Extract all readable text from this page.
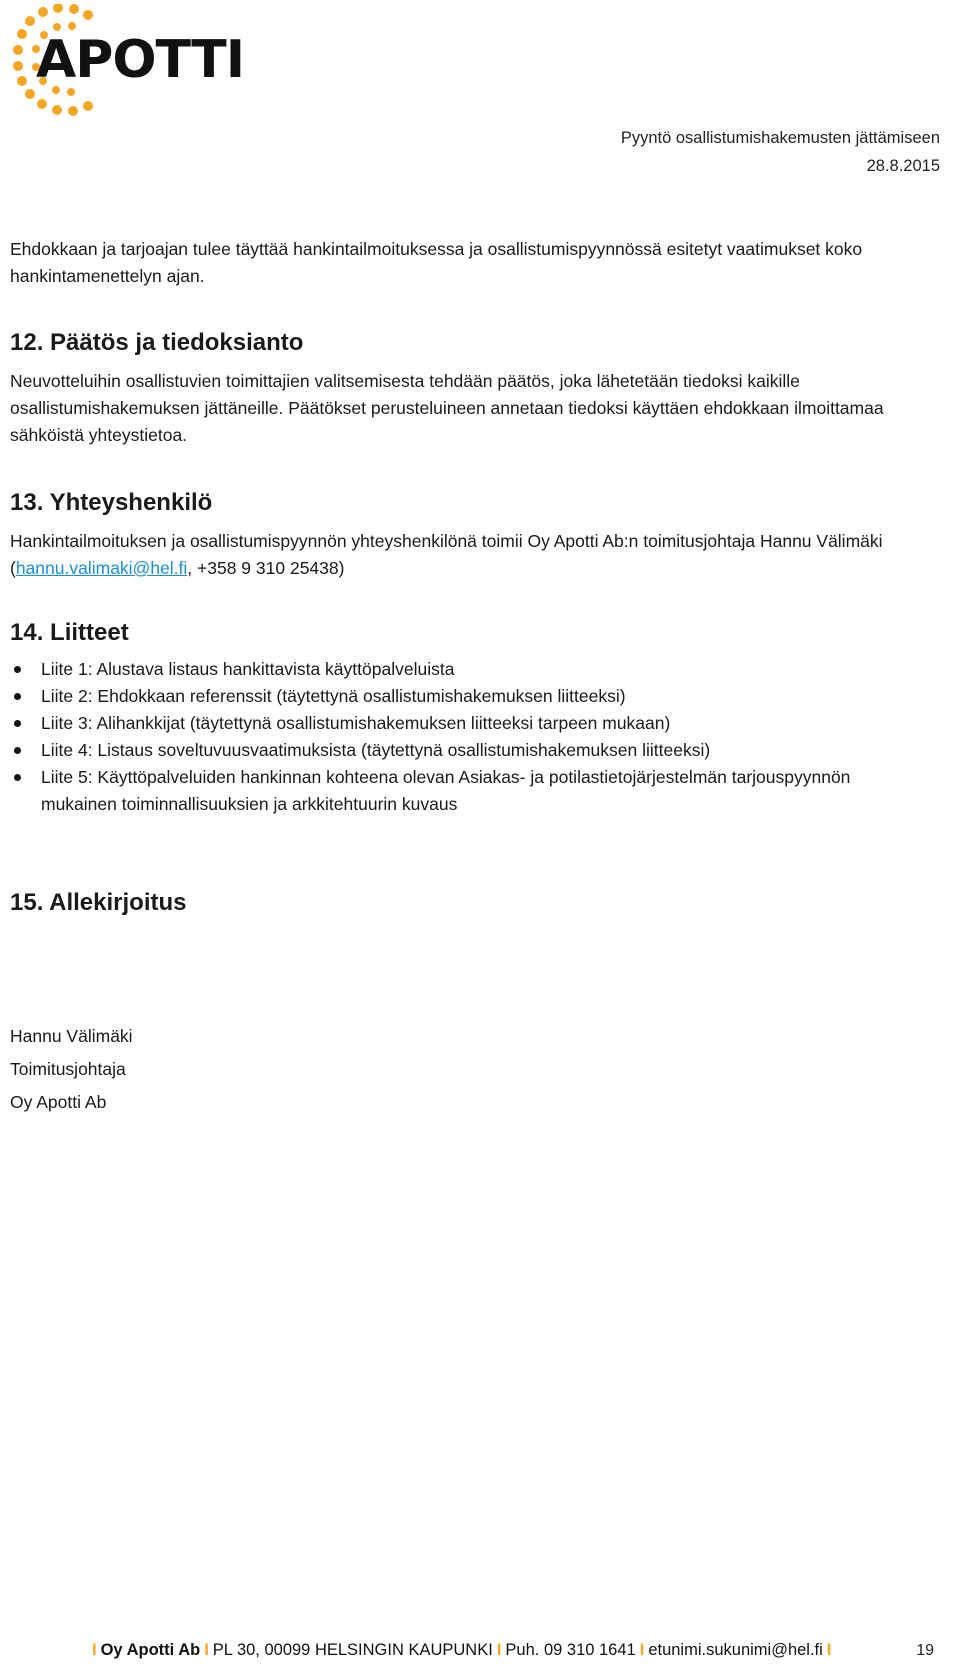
APOTTI
Pyyntö osallistumishakemusten jättämiseen
28.8.2015

Ehdokkaan ja tarjoajan tulee täyttää hankintailmoituksessa ja osallistumispyynnössä esitetyt vaatimukset koko hankintamenettelyn ajan.

12. Päätös ja tiedoksianto

Neuvotteluihin osallistuvien toimittajien valitsemisesta tehdään päätös, joka lähetetään tiedoksi kaikille osallistumishakemuksen jättäneille. Päätökset perusteluineen annetaan tiedoksi käyttäen ehdokkaan ilmoittamaa sähköistä yhteystietoa.

13. Yhteyshenkilö

Hankintailmoituksen ja osallistumispyynnön yhteyshenkilönä toimii Oy Apotti Ab:n toimitusjohtaja Hannu Välimäki (hannu.valimaki@hel.fi, +358 9 310 25438)

14. Liitteet
Liite 1: Alustava listaus hankittavista käyttöpalveluista
Liite 2: Ehdokkaan referenssit (täytettynä osallistumishakemuksen liitteeksi)
Liite 3: Alihankkijat (täytettynä osallistumishakemuksen liitteeksi tarpeen mukaan)
Liite 4: Listaus soveltuvuusvaatimuksista (täytettynä osallistumishakemuksen liitteeksi)
Liite 5: Käyttöpalveluiden hankinnan kohteena olevan Asiakas- ja potilastietojärjestelmän tarjouspyynnön mukainen toiminnallisuuksien ja arkkitehtuurin kuvaus
15. Allekirjoitus
Hannu Välimäki
Toimitusjohtaja
Oy Apotti Ab
19
I Oy Apotti Ab I PL 30, 00099 HELSINGIN KAUPUNKI I Puh. 09 310 1641 I etunimi.sukunimi@hel.fi I
